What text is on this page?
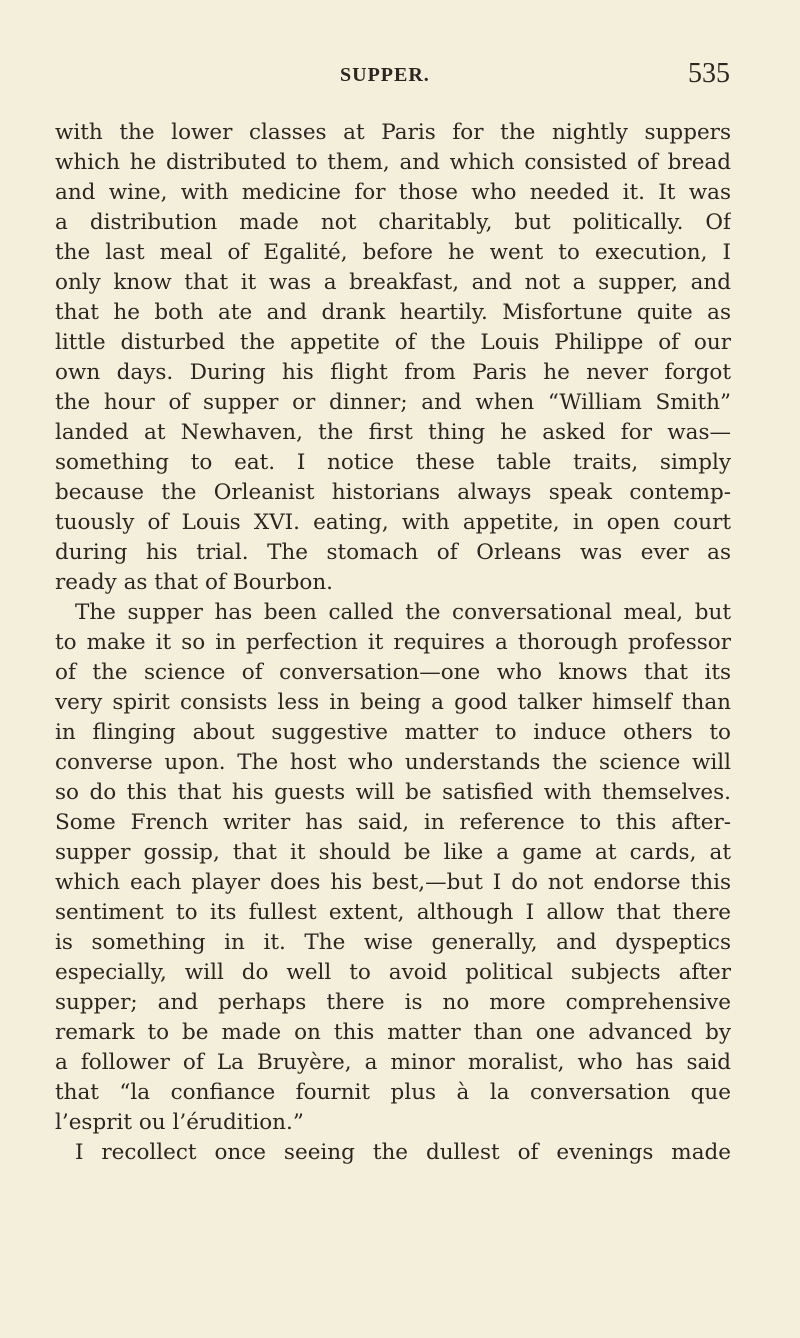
SUPPER.	535
with the lower classes at Paris for the nightly suppers
which he distributed to them, and which consisted of bread
and wine, with medicine for those who needed it. It was
a distribution made not charitably, but politically. Of
the last meal of Egalité, before he went to execution, I
only know that it was a breakfast, and not a supper, and
that he both ate and drank heartily. Misfortune quite as
little disturbed the appetite of the Louis Philippe of our
own days. During his flight from Paris he never forgot
the hour of supper or dinner; and when “William Smith”
landed at Newhaven, the first thing he asked for was—
something to eat. I notice these table traits, simply
because the Orleanist historians always speak contemp-
tuously of Louis XVI. eating, with appetite, in open court
during his trial. The stomach of Orleans was ever as
ready as that of Bourbon.
The supper has been called the conversational meal, but
to make it so in perfection it requires a thorough professor
of the science of conversation—one who knows that its
very spirit consists less in being a good talker himself than
in flinging about suggestive matter to induce others to
converse upon. The host who understands the science will
so do this that his guests will be satisfied with themselves.
Some French writer has said, in reference to this after-
supper gossip, that it should be like a game at cards, at
which each player does his best,—but I do not endorse this
sentiment to its fullest extent, although I allow that there
is something in it. The wise generally, and dyspeptics
especially, will do well to avoid political subjects after
supper; and perhaps there is no more comprehensive
remark to be made on this matter than one advanced by
a follower of La Bruyère, a minor moralist, who has said
that “la confiance fournit plus à la conversation que
l’esprit ou l’érudition.”
I recollect once seeing the dullest of evenings made
